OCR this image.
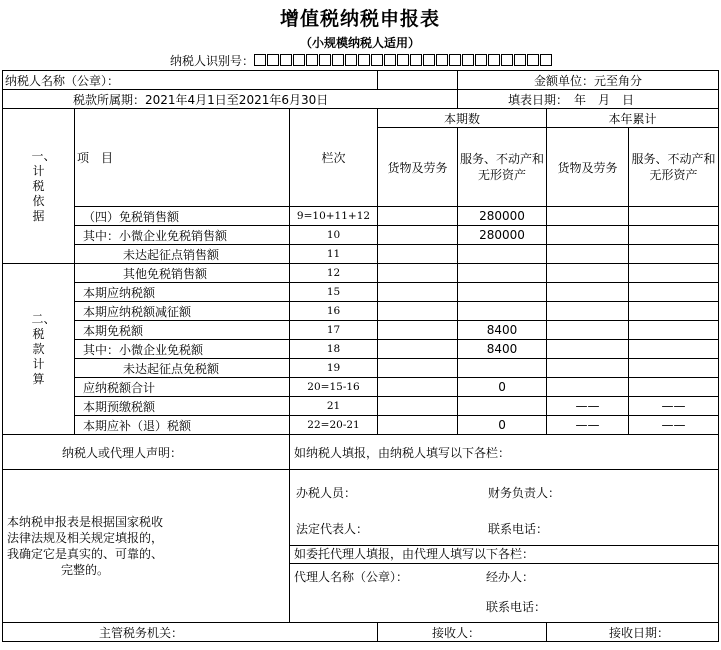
增值税纳税申报表
（小规模纳税人适用）
纳税人识别号：
纳税人名称（公章）：				金额单位：元至角分		
税款所属期：2021年4月1日至2021年6月30日				填表日期：　年　月　日		
一、计税依据	项　目	栏次	本期数		本年累计	
			货物及劳务	服务、不动产和无形资产	货物及劳务	服务、不动产和无形资产
	（四）免税销售额	9=10+11+12		280000		
	其中：小微企业免税销售额	10		280000		
	未达起征点销售额	11				
二、税款计算	其他免税销售额	12				
	本期应纳税额	15				
	本期应纳税额减征额	16				
	本期免税额	17		8400		
	其中：小微企业免税额	18		8400		
	未达起征点免税额	19				
	应纳税额合计	20=15-16		0		
	本期预缴税额	21			——	——
	本期应补（退）税额	22=20-21		0	——	——
纳税人或代理人声明：		如纳税人填报，由纳税人填写以下各栏：				

本纳税申报表是根据国家税收法律法规及相关规定填报的，我确定它是真实的、可靠的、完整的。		办税人员： 财务负责人：
法定代表人： 联系电话：				

		如委托代理人填报，由代理人填写以下各栏：
代理人名称（公章）： 经办人：
联系电话：				

主管税务机关：			接收人：		接收日期：	
